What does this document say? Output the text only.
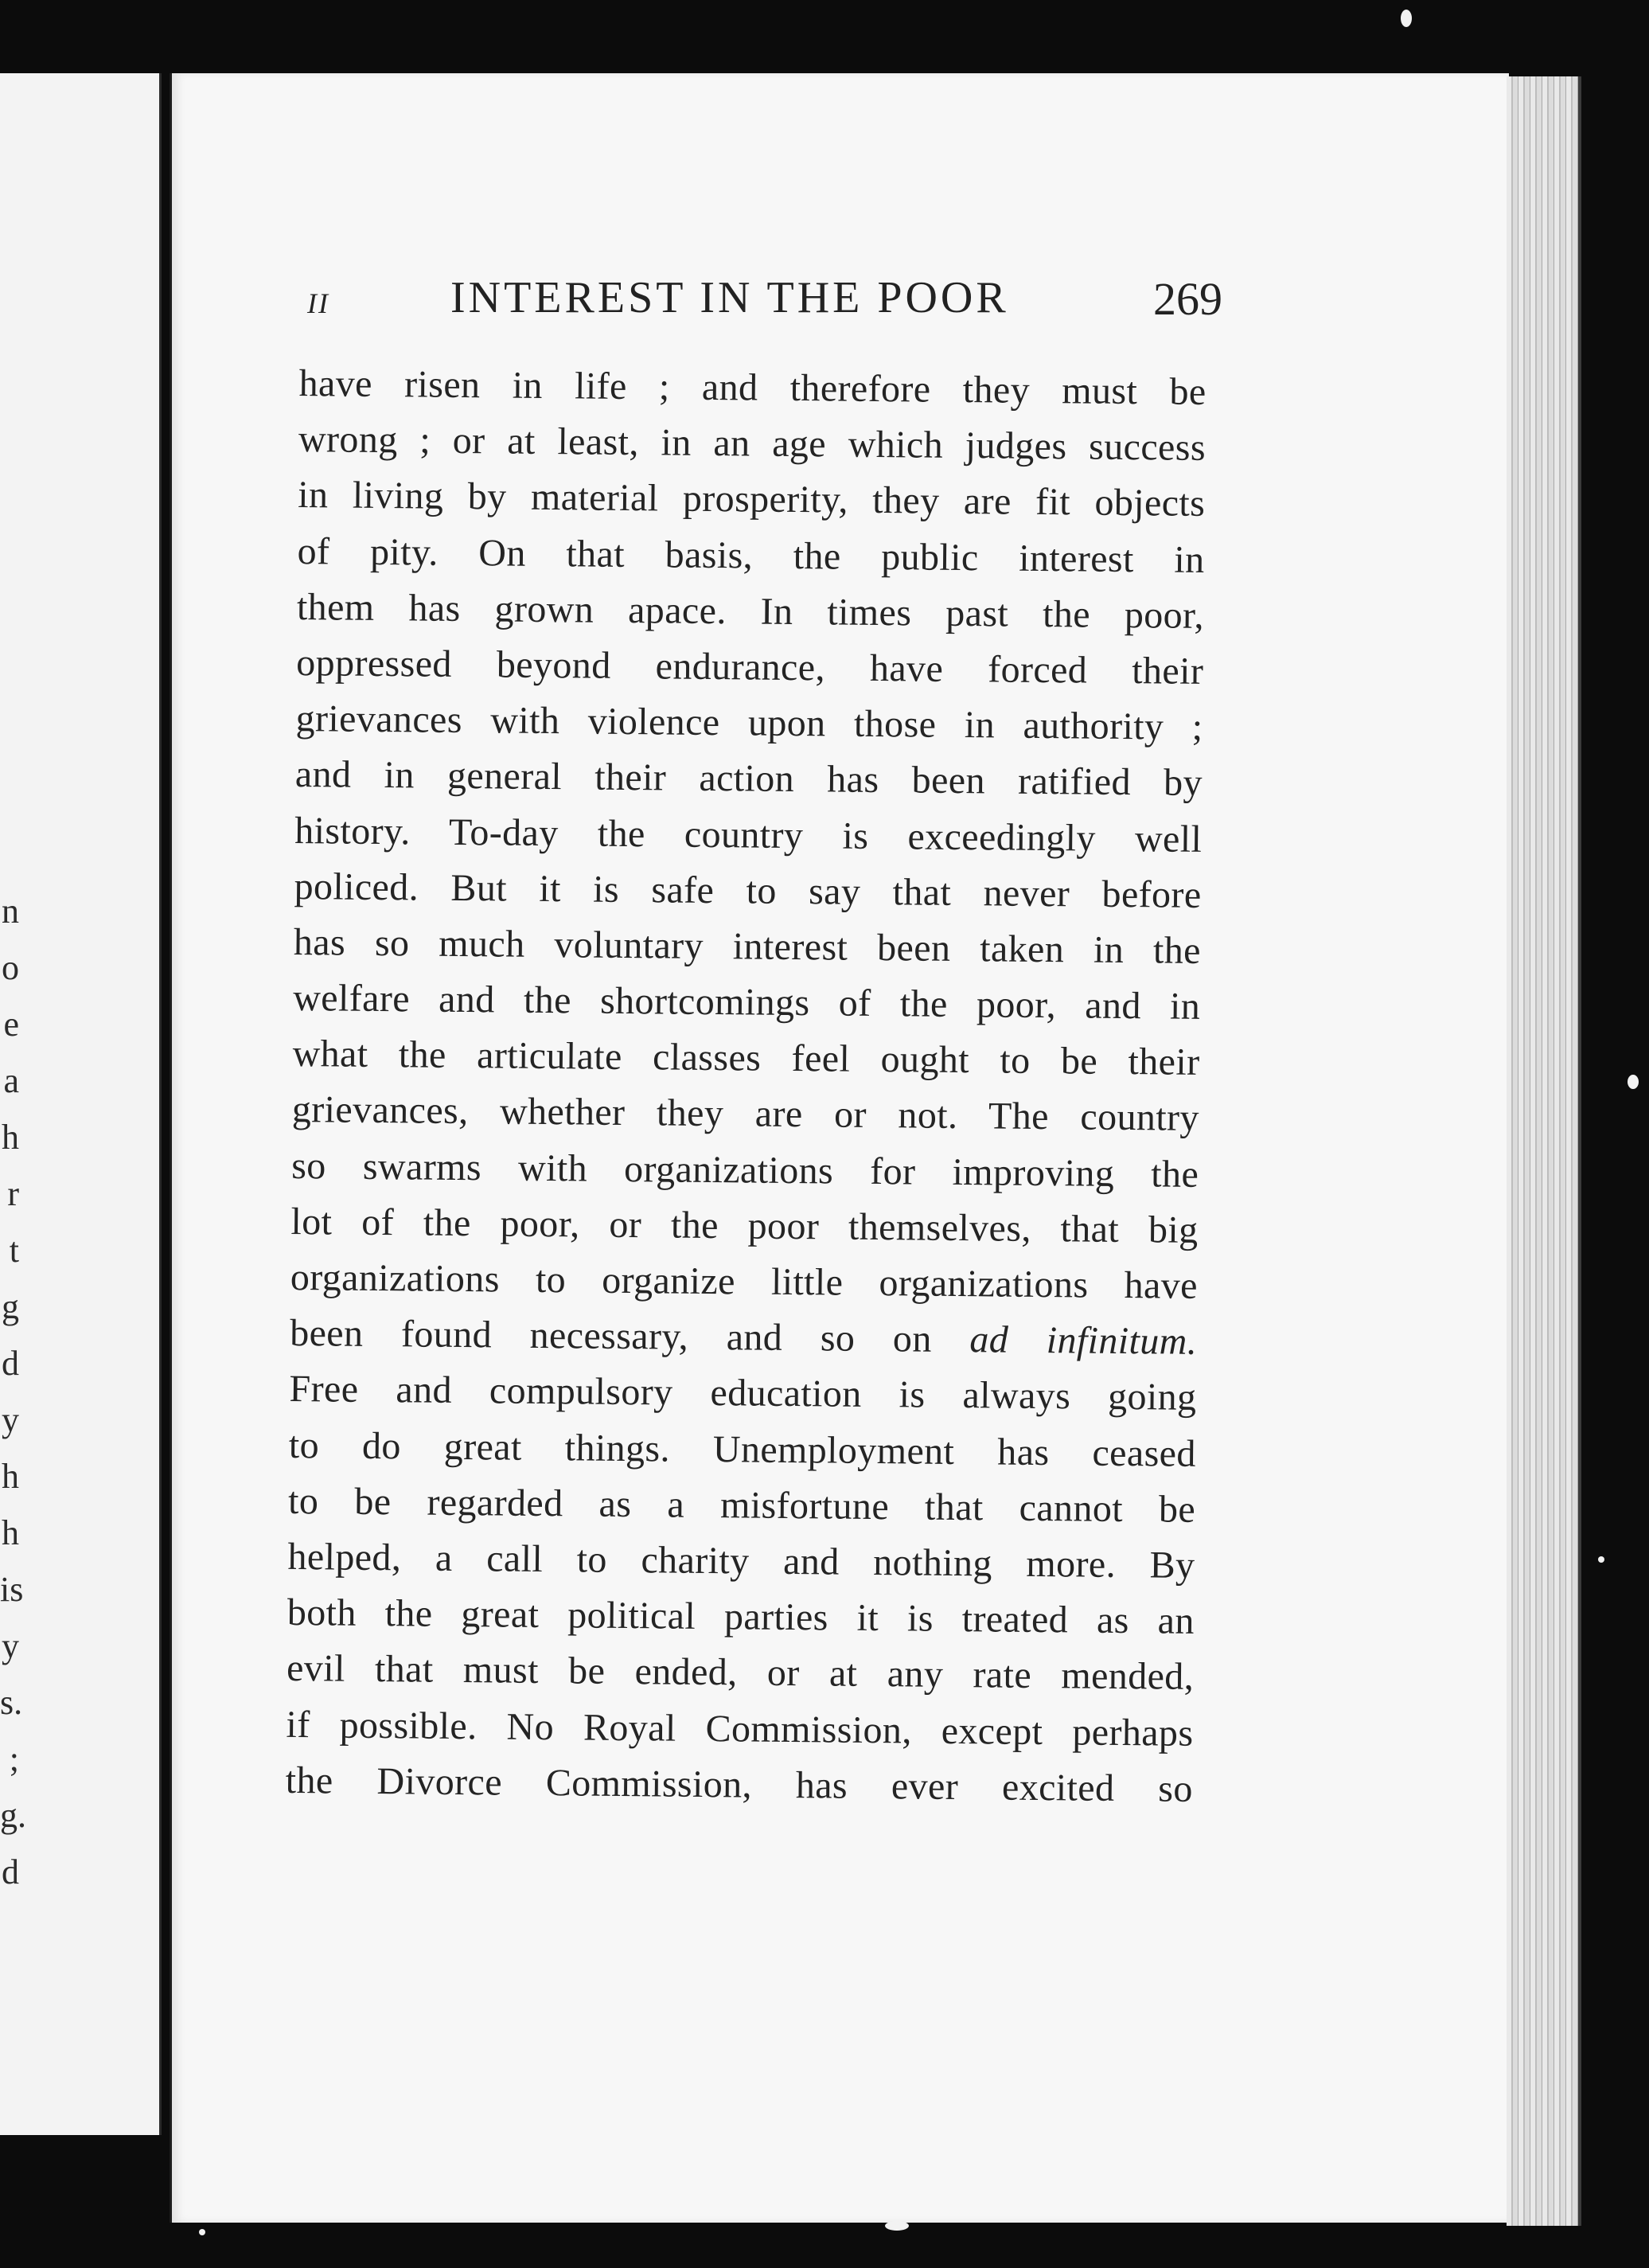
n
o
e
a
h
r
t
g
d
y
h
h
is
y
s.
;
g.
d
II	INTEREST IN THE POOR	269
have risen in life ; and therefore they must be
wrong ; or at least, in an age which judges success
in living by material prosperity, they are fit objects
of pity. On that basis, the public interest in
them has grown apace. In times past the poor,
oppressed beyond endurance, have forced their
grievances with violence upon those in authority ;
and in general their action has been ratified by
history. To-day the country is exceedingly well
policed. But it is safe to say that never before
has so much voluntary interest been taken in the
welfare and the shortcomings of the poor, and in
what the articulate classes feel ought to be their
grievances, whether they are or not. The country
so swarms with organizations for improving the
lot of the poor, or the poor themselves, that big
organizations to organize little organizations have
been found necessary, and so on ad infinitum.
Free and compulsory education is always going
to do great things. Unemployment has ceased
to be regarded as a misfortune that cannot be
helped, a call to charity and nothing more. By
both the great political parties it is treated as an
evil that must be ended, or at any rate mended,
if possible. No Royal Commission, except perhaps
the Divorce Commission, has ever excited so
